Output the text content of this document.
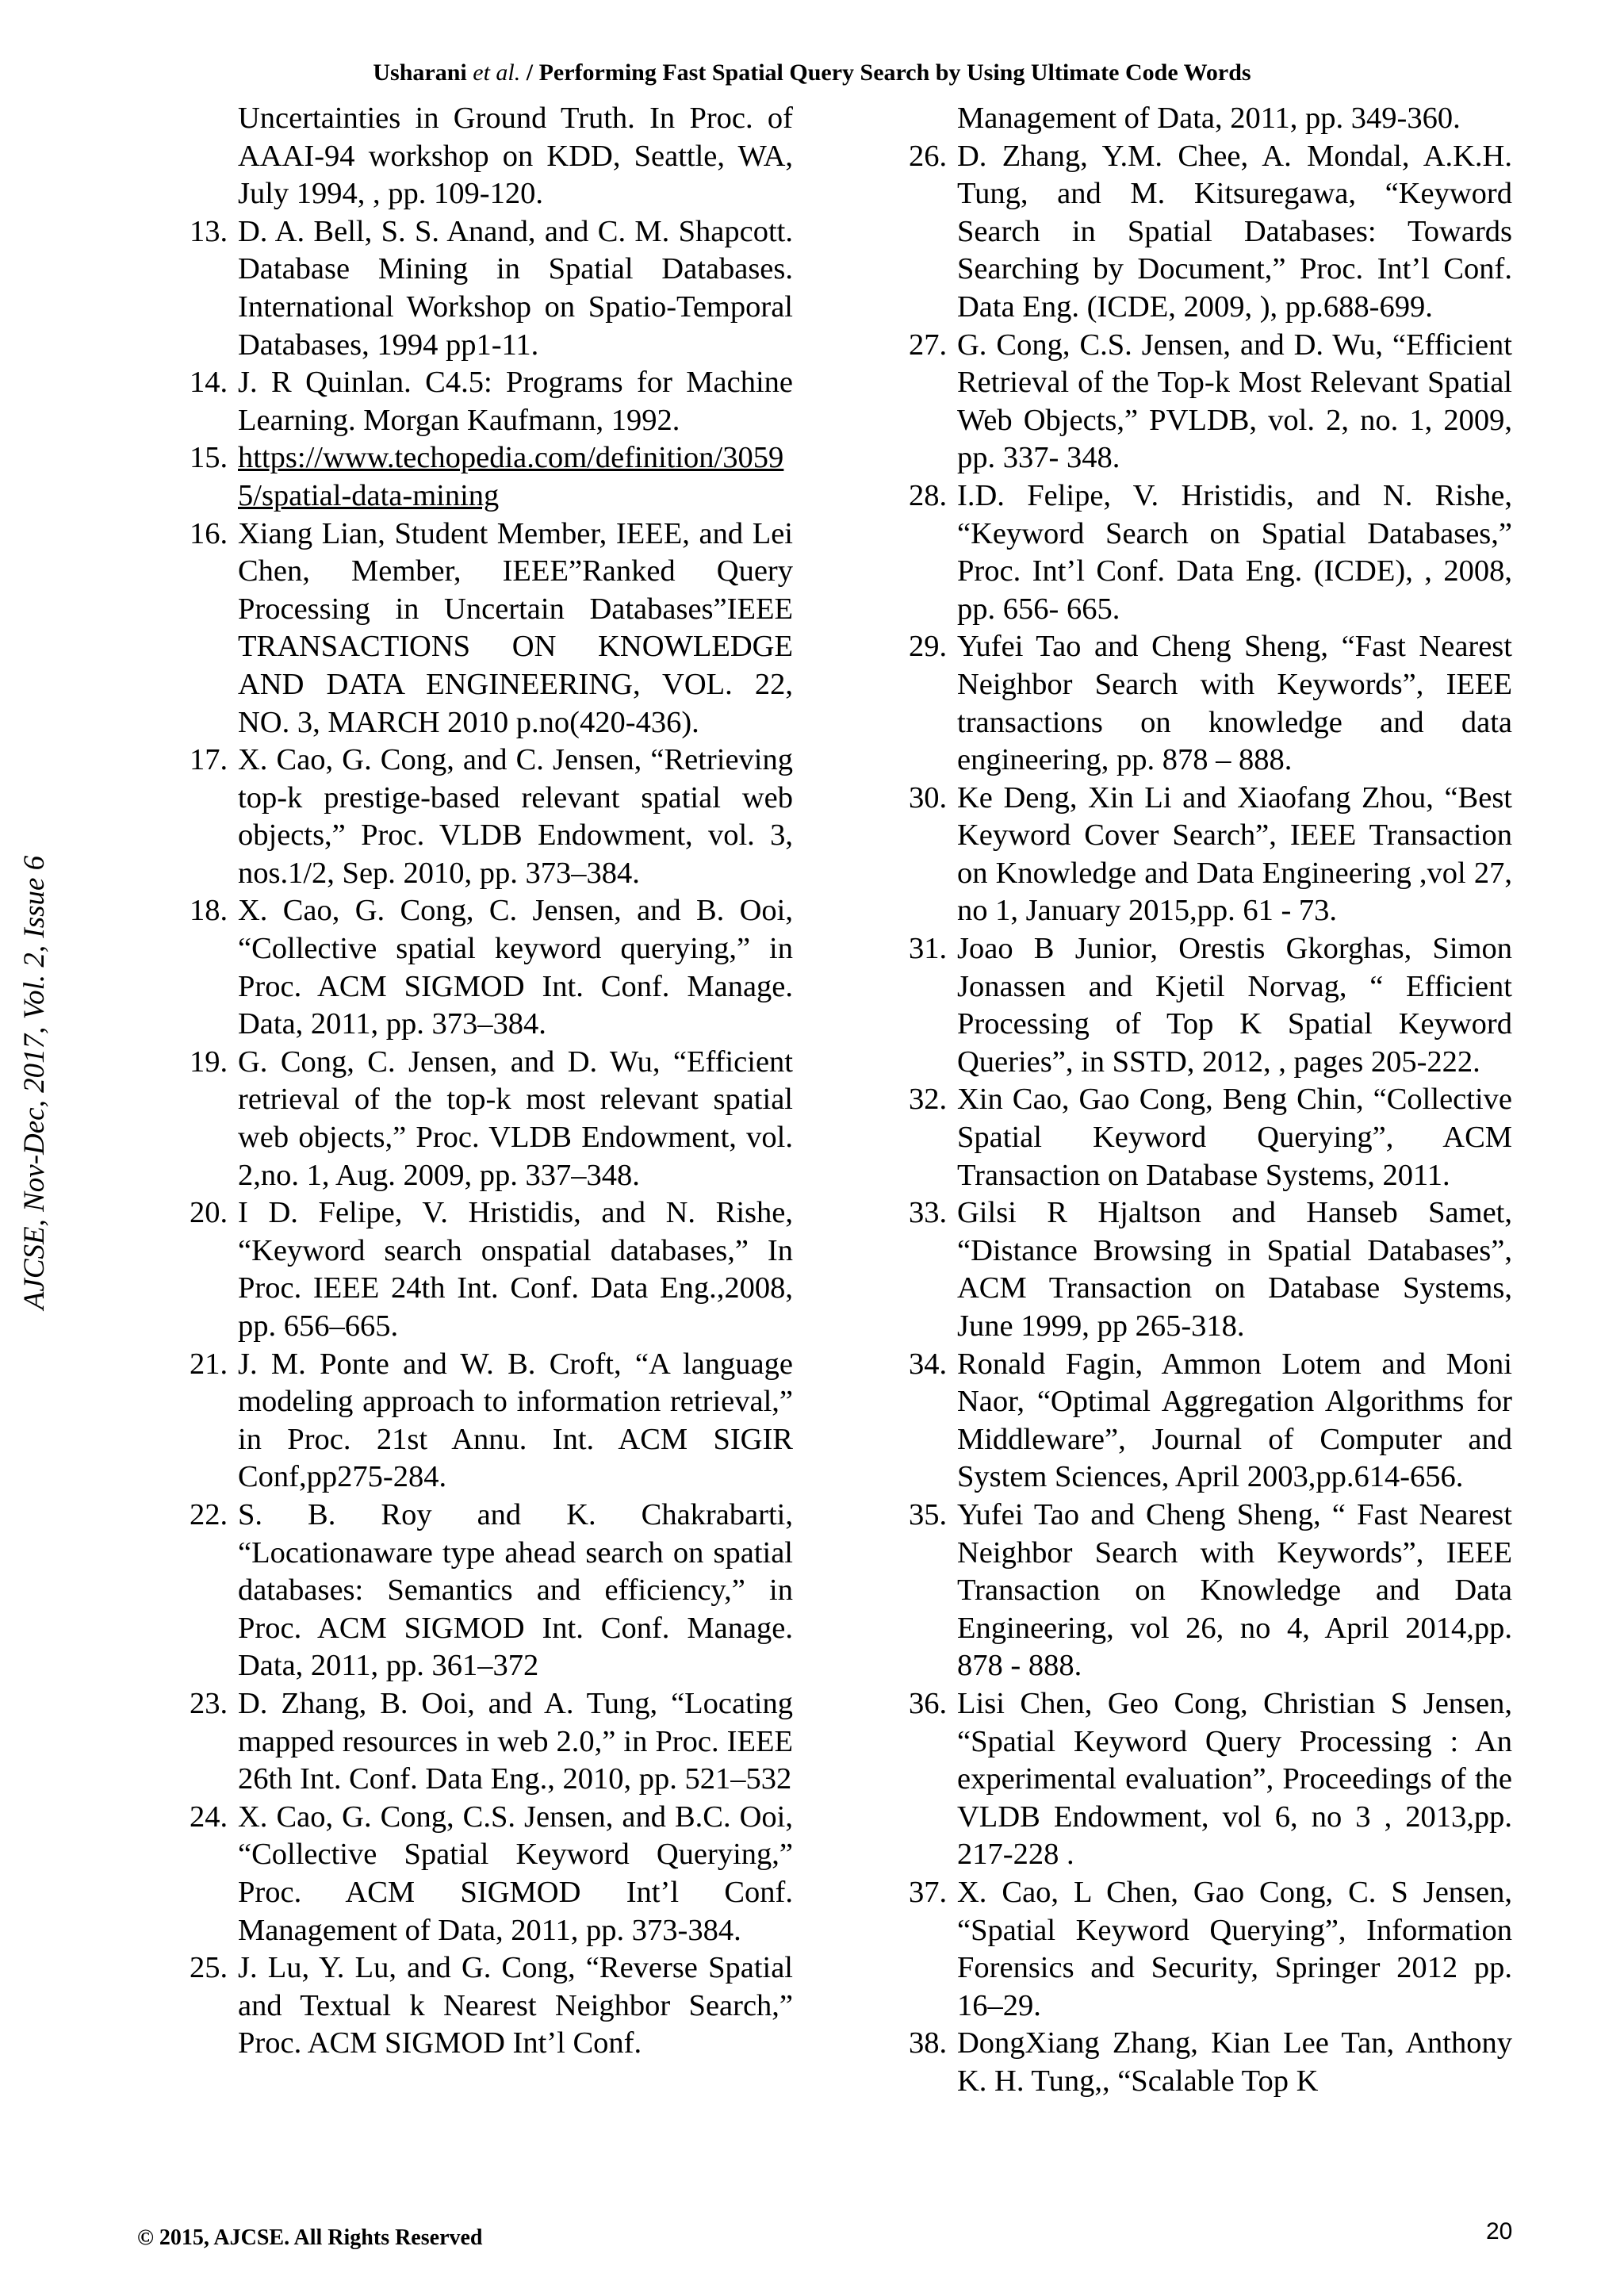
Usharani et al. / Performing Fast Spatial Query Search by Using Ultimate Code Words
AJCSE, Nov-Dec, 2017, Vol. 2, Issue 6
Uncertainties in Ground Truth. In Proc. of AAAI-94 workshop on KDD, Seattle, WA, July 1994, , pp. 109-120.
13. D. A. Bell, S. S. Anand, and C. M. Shapcott. Database Mining in Spatial Databases. International Workshop on Spatio-Temporal Databases, 1994 pp1-11.
14. J. R Quinlan. C4.5: Programs for Machine Learning. Morgan Kaufmann, 1992.
15. https://www.techopedia.com/definition/30595/spatial-data-mining
16. Xiang Lian, Student Member, IEEE, and Lei Chen, Member, IEEE”Ranked Query Processing in Uncertain Databases”IEEE TRANSACTIONS ON KNOWLEDGE AND DATA ENGINEERING, VOL. 22, NO. 3, MARCH 2010 p.no(420-436).
17. X. Cao, G. Cong, and C. Jensen, “Retrieving top-k prestige-based relevant spatial web objects,” Proc. VLDB Endowment, vol. 3, nos.1/2, Sep. 2010, pp. 373–384.
18. X. Cao, G. Cong, C. Jensen, and B. Ooi, “Collective spatial keyword querying,” in Proc. ACM SIGMOD Int. Conf. Manage. Data, 2011, pp. 373–384.
19. G. Cong, C. Jensen, and D. Wu, “Efficient retrieval of the top-k most relevant spatial web objects,” Proc. VLDB Endowment, vol. 2,no. 1, Aug. 2009, pp. 337–348.
20. I D. Felipe, V. Hristidis, and N. Rishe, “Keyword search onspatial databases,” In Proc. IEEE 24th Int. Conf. Data Eng.,2008, pp. 656–665.
21. J. M. Ponte and W. B. Croft, “A language modeling approach to information retrieval,” in Proc. 21st Annu. Int. ACM SIGIR Conf,pp275-284.
22. S. B. Roy and K. Chakrabarti, “Locationaware type ahead search on spatial databases: Semantics and efficiency,” in Proc. ACM SIGMOD Int. Conf. Manage. Data, 2011, pp. 361–372
23. D. Zhang, B. Ooi, and A. Tung, “Locating mapped resources in web 2.0,” in Proc. IEEE 26th Int. Conf. Data Eng., 2010, pp. 521–532
24. X. Cao, G. Cong, C.S. Jensen, and B.C. Ooi, “Collective Spatial Keyword Querying,” Proc. ACM SIGMOD Int’l Conf. Management of Data, 2011, pp. 373-384.
25. J. Lu, Y. Lu, and G. Cong, “Reverse Spatial and Textual k Nearest Neighbor Search,” Proc. ACM SIGMOD Int’l Conf.
Management of Data, 2011, pp. 349-360.
26. D. Zhang, Y.M. Chee, A. Mondal, A.K.H. Tung, and M. Kitsuregawa, “Keyword Search in Spatial Databases: Towards Searching by Document,” Proc. Int’l Conf. Data Eng. (ICDE, 2009, ), pp.688-699.
27. G. Cong, C.S. Jensen, and D. Wu, “Efficient Retrieval of the Top-k Most Relevant Spatial Web Objects,” PVLDB, vol. 2, no. 1, 2009, pp. 337- 348.
28. I.D. Felipe, V. Hristidis, and N. Rishe, “Keyword Search on Spatial Databases,” Proc. Int’l Conf. Data Eng. (ICDE), , 2008, pp. 656- 665.
29. Yufei Tao and Cheng Sheng, “Fast Nearest Neighbor Search with Keywords”, IEEE transactions on knowledge and data engineering, pp. 878 – 888.
30. Ke Deng, Xin Li and Xiaofang Zhou, “Best Keyword Cover Search”, IEEE Transaction on Knowledge and Data Engineering ,vol 27, no 1, January 2015,pp. 61 - 73.
31. Joao B Junior, Orestis Gkorghas, Simon Jonassen and Kjetil Norvag, “ Efficient Processing of Top K Spatial Keyword Queries”, in SSTD, 2012, , pages 205-222.
32. Xin Cao, Gao Cong, Beng Chin, “Collective Spatial Keyword Querying”, ACM Transaction on Database Systems, 2011.
33. Gilsi R Hjaltson and Hanseb Samet, “Distance Browsing in Spatial Databases”, ACM Transaction on Database Systems, June 1999, pp 265-318.
34. Ronald Fagin, Ammon Lotem and Moni Naor, “Optimal Aggregation Algorithms for Middleware”, Journal of Computer and System Sciences, April 2003,pp.614-656.
35. Yufei Tao and Cheng Sheng, “ Fast Nearest Neighbor Search with Keywords”, IEEE Transaction on Knowledge and Data Engineering, vol 26, no 4, April 2014,pp. 878 - 888.
36. Lisi Chen, Geo Cong, Christian S Jensen, “Spatial Keyword Query Processing : An experimental evaluation”, Proceedings of the VLDB Endowment, vol 6, no 3 , 2013,pp. 217-228 .
37. X. Cao, L Chen, Gao Cong, C. S Jensen, “Spatial Keyword Querying”, Information Forensics and Security, Springer 2012 pp. 16–29.
38. DongXiang Zhang, Kian Lee Tan, Anthony K. H. Tung,, “Scalable Top K
© 2015, AJCSE. All Rights Reserved	20
